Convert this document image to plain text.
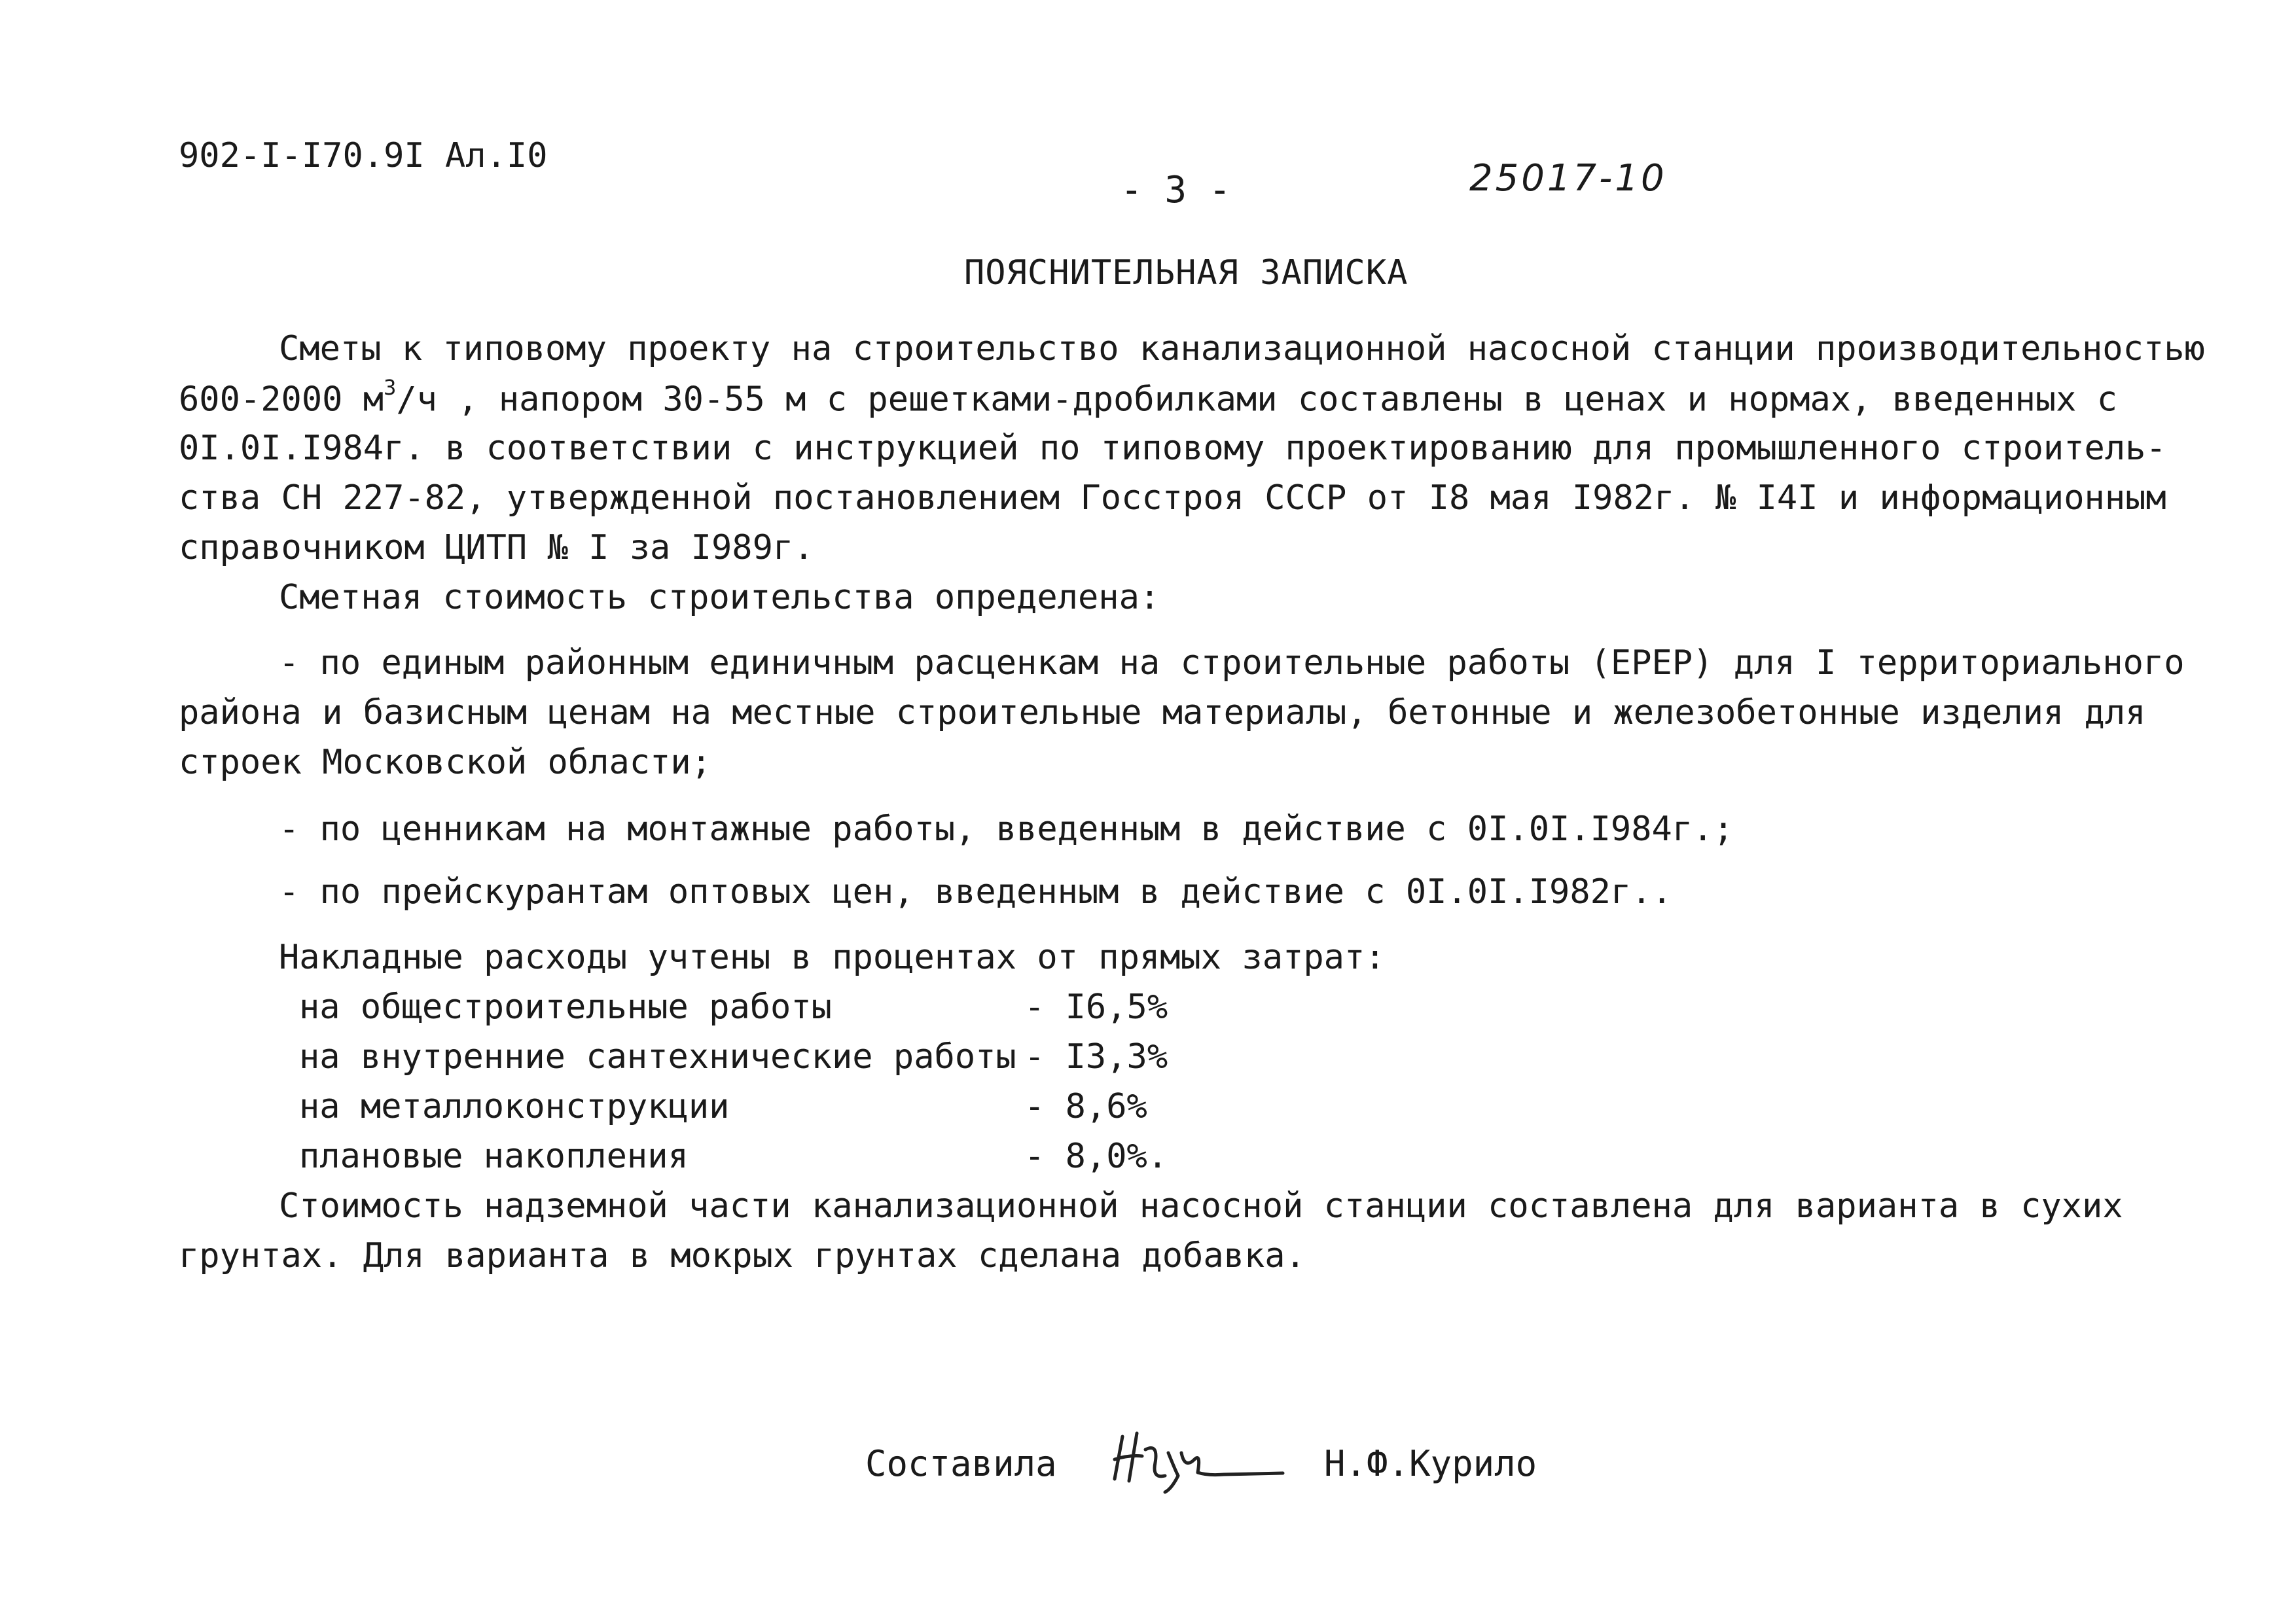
902-I-I70.9I Ал.I0
- 3 -	25017-10
ПОЯСНИТЕЛЬНАЯ ЗАПИСКА
Сметы к типовому проекту на строительство канализационной насосной станции производительностью
600-2000 $м^3/ч$ , напором 30-55 м с решетками-дробилками составлены в ценах и нормах, введенных с
0I.0I.I984г. в соответствии с инструкцией по типовому проектированию для промышленного строитель-
ства СН 227-82, утвержденной постановлением Госстроя СССР от I8 мая I982г. № I4I и информационным
справочником ЦИТП № I за I989г.
Сметная стоимость строительства определена:
- по единым районным единичным расценкам на строительные работы (ЕРЕР) для I территориального
района и базисным ценам на местные строительные материалы, бетонные и железобетонные изделия для
строек Московской области;
- по ценникам на монтажные работы, введенным в действие с 0I.0I.I984г.;
- по прейскурантам оптовых цен, введенным в действие с 0I.0I.I982г..
Накладные расходы учтены в процентах от прямых затрат:
на общестроительные работы	- I6,5%
на внутренние сантехнические работы - I3,3%
на металлоконструкции	- 8,6%
плановые накопления	- 8,0%.
Стоимость надземной части канализационной насосной станции составлена для варианта в сухих
грунтах. Для варианта в мокрых грунтах сделана добавка.
Составила	Н.Ф.Курило
